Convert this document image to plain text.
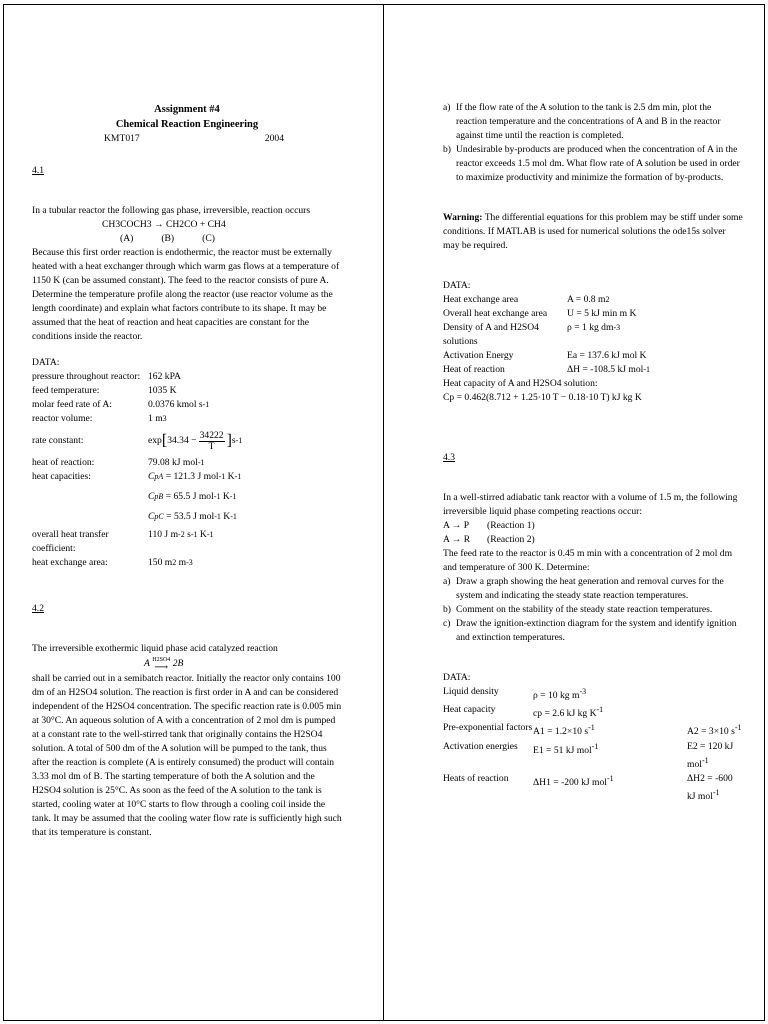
Assignment #4
Chemical Reaction Engineering
KMT017	2004
4.1

In a tubular reactor the following gas phase, irreversible, reaction occurs

CH3COCH3 → CH2CO + CH4
(A)	(B)	(C)

Because this first order reaction is endothermic, the reactor must be externally heated with a heat exchanger through which warm gas flows at a temperature of 1150 K (can be assumed constant). The feed to the reactor consists of pure A. Determine the temperature profile along the reactor (use reactor volume as the length coordinate) and explain what factors contribute to its shape. It may be assumed that the heat of reaction and heat capacities are constant for the conditions inside the reactor.

DATA:
pressure throughout reactor: 162 kPA
feed temperature:	1035 K
molar feed rate of A:	0.0376 kmol s -1
reactor volume:	1 m 3
rate constant:	exp [ $34.34 - \frac{34222}{T}$ ] s -1
heat of reaction:	79.08 kJ mol -1
heat capacities:	C pA
= 121.3 J mol -1 K -1
C pB
= 65.5 J mol -1 K -1
C pC
= 53.5 J mol -1 K -1
overall heat transfer coefficient:
110 J m -2 s -1 K -1
heat exchange area:	150 m 2 m -3
4.2

The irreversible exothermic liquid phase acid catalyzed reaction

A H2SO4
⟶ 2B

shall be carried out in a semibatch reactor. Initially the reactor only contains 100 dm of an H2SO4 solution. The reaction is first order in A and can be considered independent of the H2SO4 concentration. The specific reaction rate is 0.005 min at 30°C. An aqueous solution of A with a concentration of 2 mol dm is pumped at a constant rate to the well-stirred tank that originally contains the H2SO4 solution. A total of 500 dm of the A solution will be pumped to the tank, thus after the reaction is complete (A is entirely consumed) the product will contain 3.33 mol dm of B. The starting temperature of both the A solution and the H2SO4 solution is 25°C. As soon as the feed of the A solution to the tank is started, cooling water at 10°C starts to flow through a cooling coil inside the tank. It may be assumed that the cooling water flow rate is sufficiently high such that its temperature is constant.

a) If the flow rate of the A solution to the tank is 2.5 dm min, plot the reaction temperature and the concentrations of A and B in the reactor against time until the reaction is completed.
b) Undesirable by-products are produced when the concentration of A in the reactor exceeds 1.5 mol dm. What flow rate of A solution be used in order to maximize productivity and minimize the formation of by-products.

Warning: The differential equations for this problem may be stiff under some conditions. If MATLAB is used for numerical solutions the ode15s solver may be required.

DATA:
Heat exchange area	A = 0.8 m 2
Overall heat exchange area	U = 5 kJ min m K
Density of A and H2SO4 solutions
ρ = 1 kg dm -3
Activation Energy	Ea = 137.6 kJ mol K
Heat of reaction	ΔH = -108.5 kJ mol -1
Heat capacity of A and H2SO4 solution:
Cp = 0.462(8.712 + 1.25·10 T − 0.18·10 T) kJ kg K
4.3

In a well-stirred adiabatic tank reactor with a volume of 1.5 m, the following irreversible liquid phase competing reactions occur:

A → P	(Reaction 1)
A → R	(Reaction 2)

The feed rate to the reactor is 0.45 m min with a concentration of 2 mol dm and temperature of 300 K. Determine:

a) Draw a graph showing the heat generation and removal curves for the system and indicating the steady state reaction temperatures.
b) Comment on the stability of the steady state reaction temperatures.
c) Draw the ignition-extinction diagram for the system and identify ignition and extinction temperatures.
DATA:
Liquid density	ρ = 10 kg $m^{-3}$
Heat capacity	cp = 2.6 kJ kg $K^{-1}$
Pre-exponential factors A1 = 1.2×10 $s^{-1}$	A2 = 3×10 $s^{-1}$
Activation energies	E1 = 51 kJ mol$^{-1}$	E2 = 120 kJ mol$^{-1}$
Heats of reaction	ΔH1 = -200 kJ mol$^{-1}$	ΔH2 = -600 kJ mol$^{-1}$
